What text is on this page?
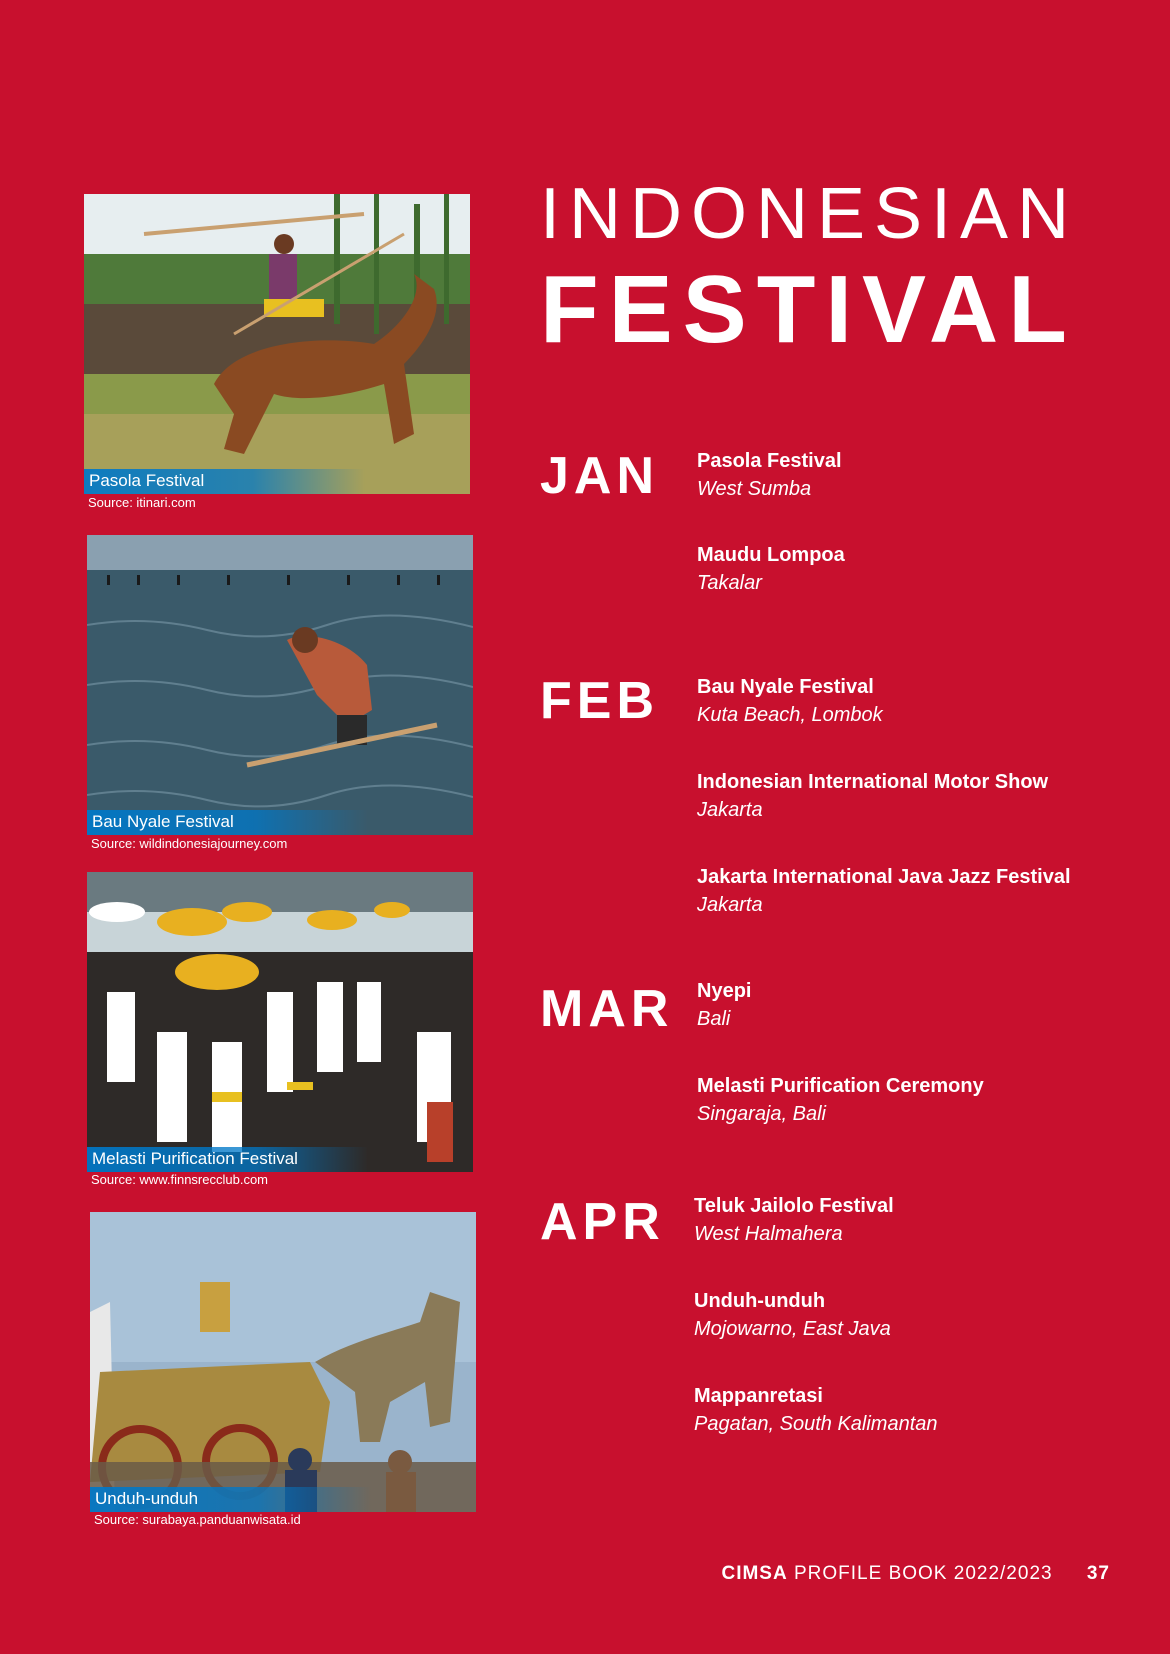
Pasola Festival
Source: itinari.com
Bau Nyale Festival
Source: wildindonesiajourney.com
Melasti Purification Festival
Source: www.finnsrecclub.com
Unduh-unduh
Source: surabaya.panduanwisata.id
INDONESIAN
FESTIVAL
JAN Pasola Festival
West Sumba
Maudu Lompoa
Takalar
FEB Bau Nyale Festival
Kuta Beach, Lombok
Indonesian International Motor Show
Jakarta
Jakarta International Java Jazz Festival
Jakarta
MAR Nyepi
Bali
Melasti Purification Ceremony
Singaraja, Bali
APR Teluk Jailolo Festival
West Halmahera
Unduh-unduh
Mojowarno, East Java
Mappanretasi
Pagatan, South Kalimantan
CIMSA PROFILE BOOK 2022/2023 37
